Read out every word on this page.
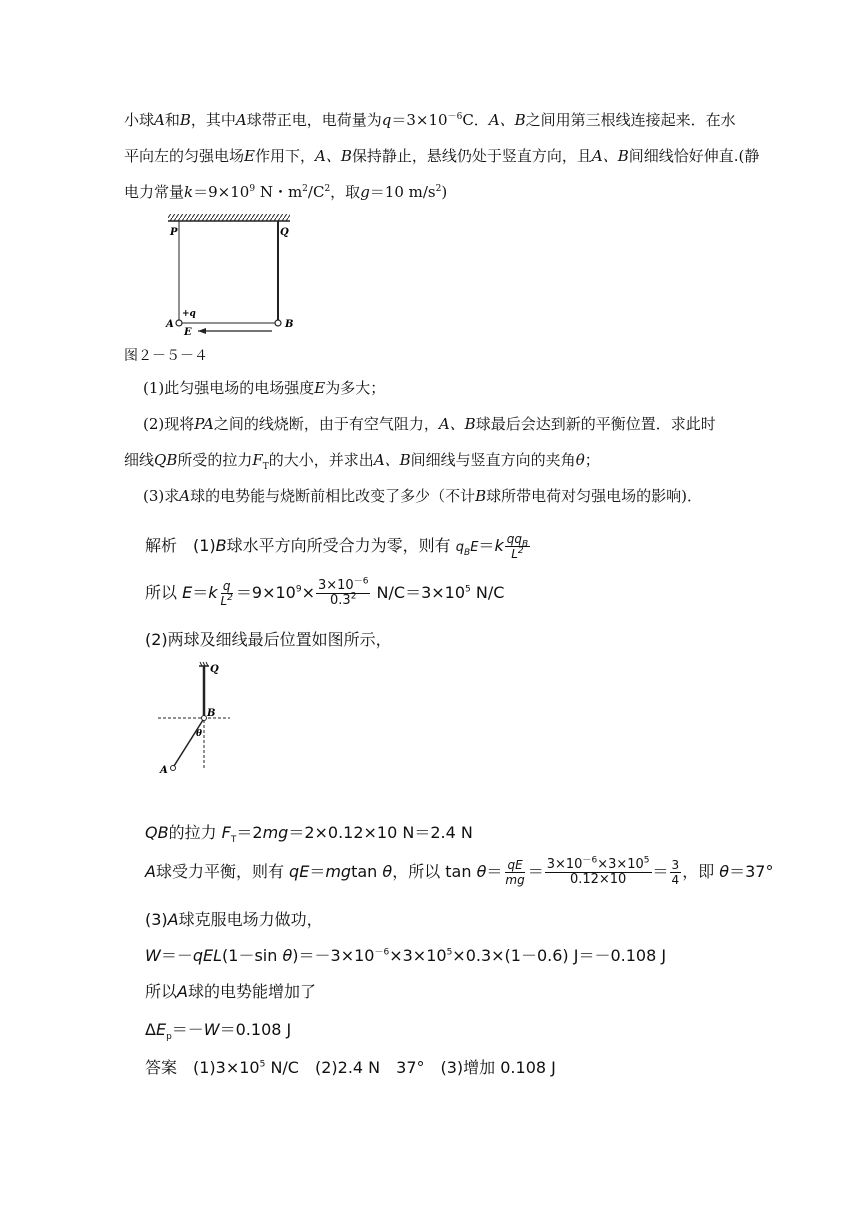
小球A和B，其中A球带正电，电荷量为$q=3\times 10^{-6}C$．A、B之间用第三根线连接起来．在水
平向左的匀强电场E作用下，A、B保持静止，悬线仍处于竖直方向，且A、B间细线恰好伸直.(静
电力常量$k=9\times 10^9$ N・$m^2/C^2$，取g＝10 $m/s^2$)
P	Q
A	B
+q
E
图２－５－４
(1)此匀强电场的电场强度E为多大；
(2)现将PA之间的线烧断，由于有空气阻力，A、B球最后会达到新的平衡位置．求此时
细线QB所受的拉力$F_T$的大小，并求出A、B间细线与竖直方向的夹角θ；
(3)求A球的电势能与烧断前相比改变了多少（不计B球所带电荷对匀强电场的影响)．
解析　(1)B球水平方向所受合力为零，则有 $q_BE=k \frac{qq_B}{L^2}$
所以 $E=k \frac{q}{L^2} =9\times 10^9\times \frac{3\times 10^{-6}}{0.3^2} N/C=3\times 10^5$ N/C
(2)两球及细线最后位置如图所示，
Q
B
θ
A
QB的拉力 $F_T=2mg=2\times 0.12\times 10$ N＝2.4 N
A球受力平衡，则有 qE＝mgtan θ，所以 $\tan \theta= \frac{qE}{mg} = \frac{3\times 10^{-6}\times 3\times 10^5}{0.12\times 10} = \frac{3}{4}$ ，即 θ＝37°
(3)A球克服电场力做功，
W＝－qEL(1－sin $\theta)=-3\times 10^{-6}\times 3\times 10^5\times 0.3\times(1-0.6)$ J＝－0.108 J
所以A球的电势能增加了
$\Delta E_p=-W=0.108$ J
答案　$(1)3\times 10^5$ N/C　(2)2.4 N　37°　(3)增加 0.108 J
